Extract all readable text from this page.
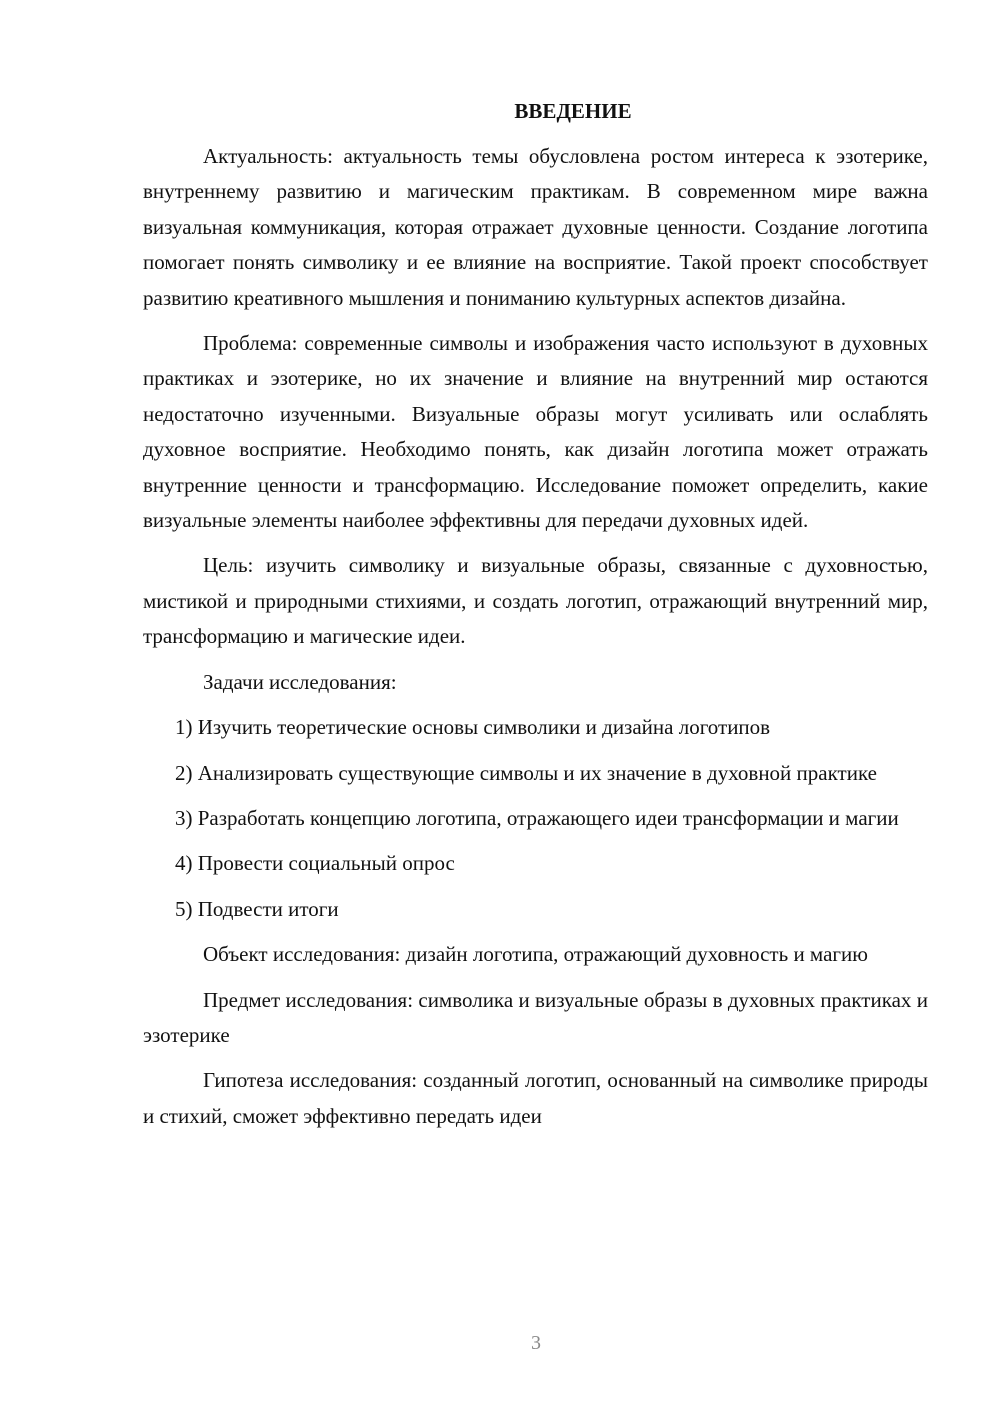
ВВЕДЕНИЕ

Актуальность: актуальность темы обусловлена ростом интереса к эзотерике, внутреннему развитию и магическим практикам. В современном мире важна визуальная коммуникация, которая отражает духовные ценности. Создание логотипа помогает понять символику и ее влияние на восприятие. Такой проект способствует развитию креативного мышления и пониманию культурных аспектов дизайна.

Проблема: современные символы и изображения часто используют в духовных практиках и эзотерике, но их значение и влияние на внутренний мир остаются недостаточно изученными. Визуальные образы могут усиливать или ослаблять духовное восприятие. Необходимо понять, как дизайн логотипа может отражать внутренние ценности и трансформацию. Исследование поможет определить, какие визуальные элементы наиболее эффективны для передачи духовных идей.

Цель: изучить символику и визуальные образы, связанные с духовностью, мистикой и природными стихиями, и создать логотип, отражающий внутренний мир, трансформацию и магические идеи.

Задачи исследования:

1) Изучить теоретические основы символики и дизайна логотипов

2) Анализировать существующие символы и их значение в духовной практике

3) Разработать концепцию логотипа, отражающего идеи трансформации и магии

4) Провести социальный опрос

5) Подвести итоги

Объект исследования: дизайн логотипа, отражающий духовность и магию

Предмет исследования: символика и визуальные образы в духовных практиках и эзотерике

Гипотеза исследования: созданный логотип, основанный на символике природы и стихий, сможет эффективно передать идеи

3
